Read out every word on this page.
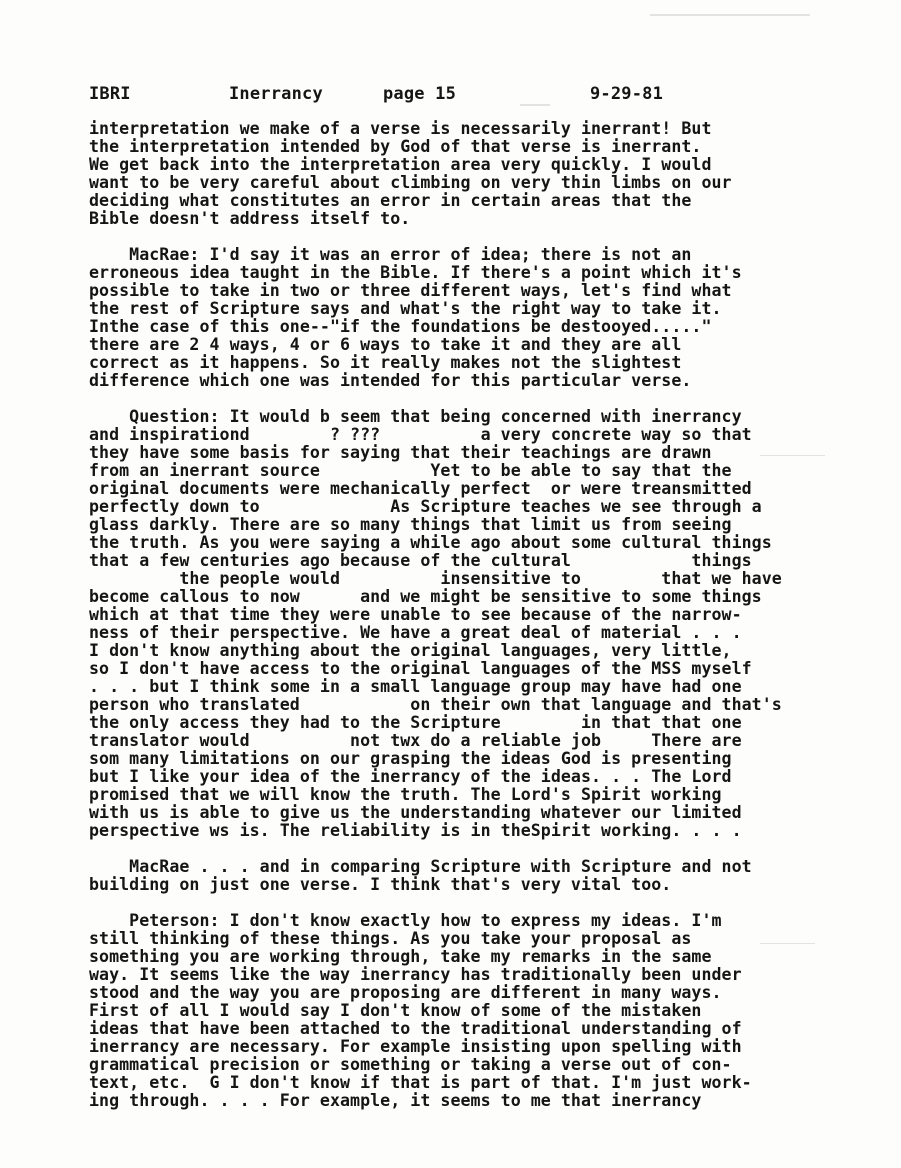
IBRI	Inerrancy	page 15	9-29-81
interpretation we make of a verse is necessarily inerrant! But
the interpretation intended by God of that verse is inerrant.
We get back into the interpretation area very quickly. I would
want to be very careful about climbing on very thin limbs on our
deciding what constitutes an error in certain areas that the
Bible doesn't address itself to.
MacRae: I'd say it was an error of idea; there is not an
erroneous idea taught in the Bible. If there's a point which it's
possible to take in two or three different ways, let's find what
the rest of Scripture says and what's the right way to take it.
Inthe case of this one--"if the foundations be destooyed....."
there are 2 4 ways, 4 or 6 ways to take it and they are all
correct as it happens. So it really makes not the slightest
difference which one was intended for this particular verse.
Question: It would b seem that being concerned with inerrancy
and inspirationd        ? ???          a very concrete way so that
they have some basis for saying that their teachings are drawn
from an inerrant source           Yet to be able to say that the
original documents were mechanically perfect  or were treansmitted
perfectly down to             As Scripture teaches we see through a
glass darkly. There are so many things that limit us from seeing
the truth. As you were saying a while ago about some cultural things
that a few centuries ago because of the cultural            things
the people would          insensitive to        that we have
become callous to now      and we might be sensitive to some things
which at that time they were unable to see because of the narrow-
ness of their perspective. We have a great deal of material . . .
I don't know anything about the original languages, very little,
so I don't have access to the original languages of the MSS myself
. . . but I think some in a small language group may have had one
person who translated           on their own that language and that's
the only access they had to the Scripture        in that that one
translator would          not twx do a reliable job     There are
som many limitations on our grasping the ideas God is presenting
but I like your idea of the inerrancy of the ideas. . . The Lord
promised that we will know the truth. The Lord's Spirit working
with us is able to give us the understanding whatever our limited
perspective ws is. The reliability is in theSpirit working. . . .
MacRae . . . and in comparing Scripture with Scripture and not
building on just one verse. I think that's very vital too.
Peterson: I don't know exactly how to express my ideas. I'm
still thinking of these things. As you take your proposal as
something you are working through, take my remarks in the same
way. It seems like the way inerrancy has traditionally been under
stood and the way you are proposing are different in many ways.
First of all I would say I don't know of some of the mistaken
ideas that have been attached to the traditional understanding of
inerrancy are necessary. For example insisting upon spelling with
grammatical precision or something or taking a verse out of con-
text, etc.  G I don't know if that is part of that. I'm just work-
ing through. . . . For example, it seems to me that inerrancy
